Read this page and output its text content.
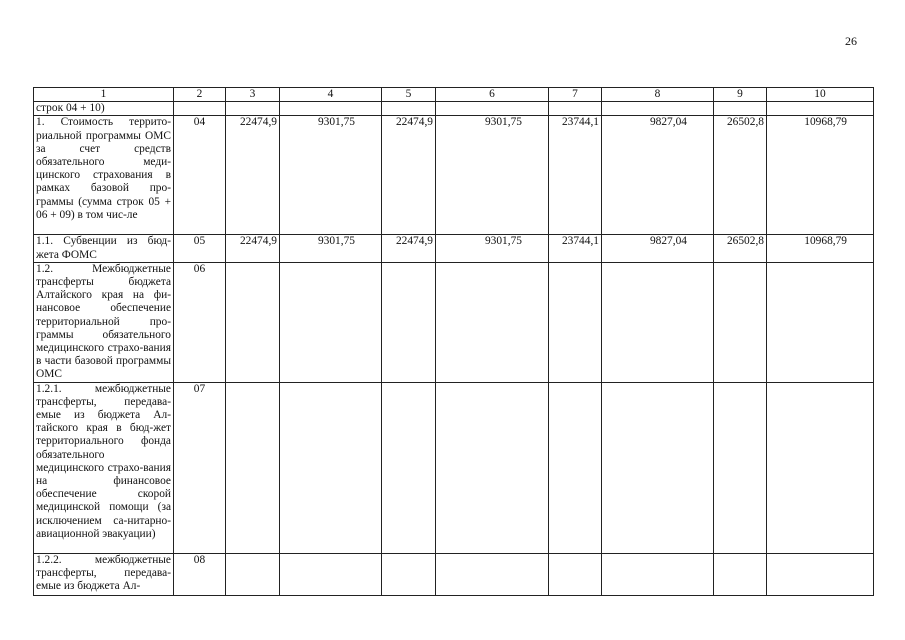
26
1	2	3	4	5	6	7	8	9	10
строк 04 + 10)									
1. Стоимость террито-риальной программы ОМС за счет средств обязательного меди-цинского страхования в рамках базовой про-граммы (сумма строк 05 + 06 + 09) в том чис-ле	04	22474,9	9301,75	22474,9	9301,75	23744,1	9827,04	26502,8	10968,79
1.1. Субвенции из бюд-жета ФОМС	05	22474,9	9301,75	22474,9	9301,75	23744,1	9827,04	26502,8	10968,79
1.2. Межбюджетные трансферты бюджета Алтайского края на фи-нансовое обеспечение территориальной про-граммы обязательного медицинского страхо-вания в части базовой программы ОМС	06								
1.2.1. межбюджетные трансферты, передава-емые из бюджета Ал-тайского края в бюд-жет территориального фонда обязательного медицинского страхо-вания на финансовое обеспечение скорой медицинской помощи (за исключением са-нитарно-авиационной эвакуации)	07								
1.2.2. межбюджетные трансферты, передава-емые из бюджета Ал-	08								
